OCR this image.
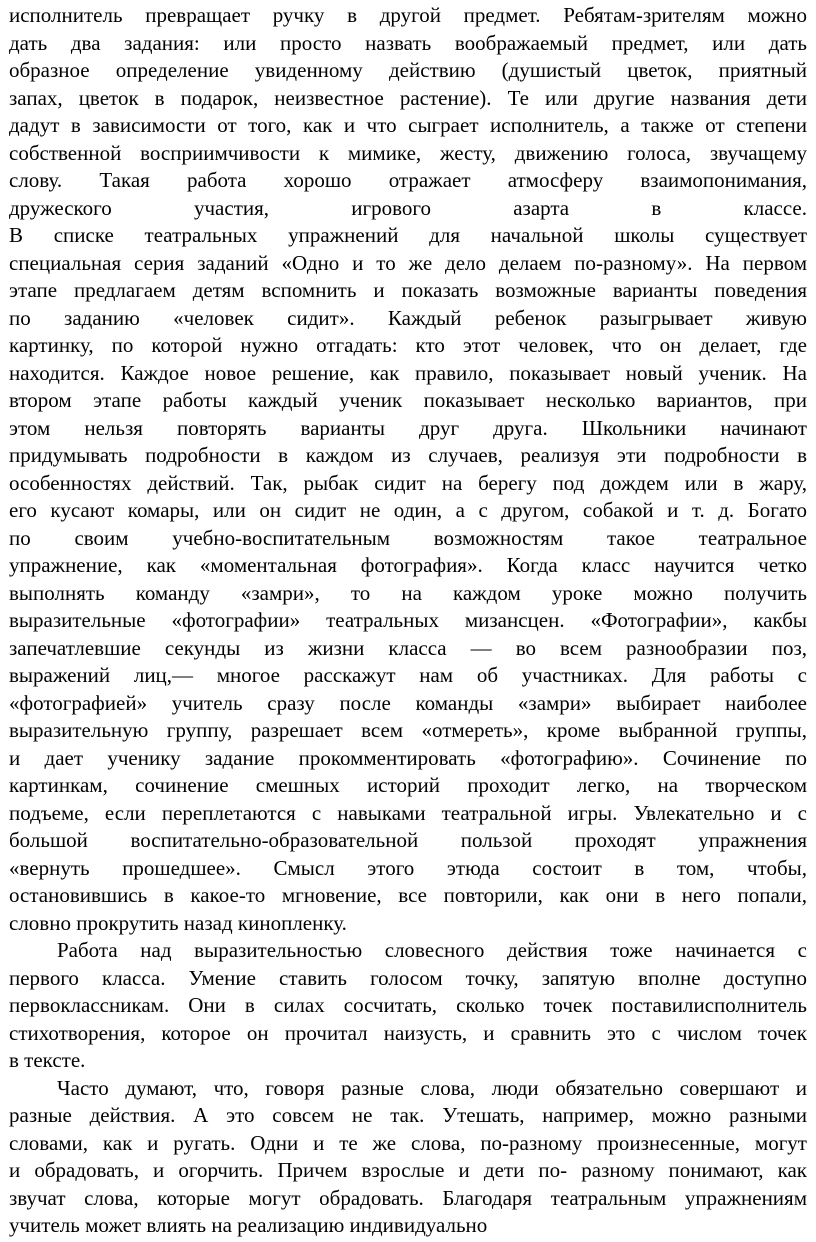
исполнитель превращает ручку в другой предмет. Ребятам-зрителям можно
дать два задания: или просто назвать воображаемый предмет, или дать
образное определение увиденному действию (душистый цветок, приятный
запах, цветок в подарок, неизвестное растение). Те или другие названия дети
дадут в зависимости от того, как и что сыграет исполнитель, а также от степени
собственной восприимчивости к мимике, жесту, движению голоса, звучащему
слову. Такая работа хорошо отражает атмосферу взаимопонимания,
дружеского участия, игрового азарта в классе.
В списке театральных упражнений для начальной школы существует
специальная серия заданий «Одно и то же дело делаем по-разному». На первом
этапе предлагаем детям вспомнить и показать возможные варианты поведения
по заданию «человек сидит». Каждый ребенок разыгрывает живую
картинку, по которой нужно отгадать: кто этот человек, что он делает, где
находится. Каждое новое решение, как правило, показывает новый ученик. На
втором этапе работы каждый ученик показывает несколько вариантов, при
этом нельзя повторять варианты друг друга. Школьники начинают
придумывать подробности в каждом из случаев, реализуя эти подробности в
особенностях действий. Так, рыбак сидит на берегу под дождем или в жару,
его кусают комары, или он сидит не один, а с другом, собакой и т. д. Богато
по своим учебно-воспитательным возможностям такое театральное
упражнение, как «моментальная фотография». Когда класс научится четко
выполнять команду «замри», то на каждом уроке можно получить
выразительные «фотографии» театральных мизансцен. «Фотографии», какбы
запечатлевшие секунды из жизни класса — во всем разнообразии поз,
выражений лиц,— многое расскажут нам об участниках. Для работы с
«фотографией» учитель сразу после команды «замри» выбирает наиболее
выразительную группу, разрешает всем «отмереть», кроме выбранной группы,
и дает ученику задание прокомментировать «фотографию». Сочинение по
картинкам, сочинение смешных историй проходит легко, на творческом
подъеме, если переплетаются с навыками театральной игры. Увлекательно и с
большой воспитательно-образовательной пользой проходят упражнения
«вернуть прошедшее». Смысл этого этюда состоит в том, чтобы,
остановившись в какое-то мгновение, все повторили, как они в него попали,
словно прокрутить назад кинопленку.
Работа над выразительностью словесного действия тоже начинается с
первого класса. Умение ставить голосом точку, запятую вполне доступно
первоклассникам. Они в силах сосчитать, сколько точек поставилисполнитель
стихотворения, которое он прочитал наизусть, и сравнить это с числом точек
в тексте.
Часто думают, что, говоря разные слова, люди обязательно совершают и
разные действия. А это совсем не так. Утешать, например, можно разными
словами, как и ругать. Одни и те же слова, по-разному произнесенные, могут
и обрадовать, и огорчить. Причем взрослые и дети по- разному понимают, как
звучат слова, которые могут обрадовать. Благодаря театральным упражнениям
учитель может влиять на реализацию индивидуально
